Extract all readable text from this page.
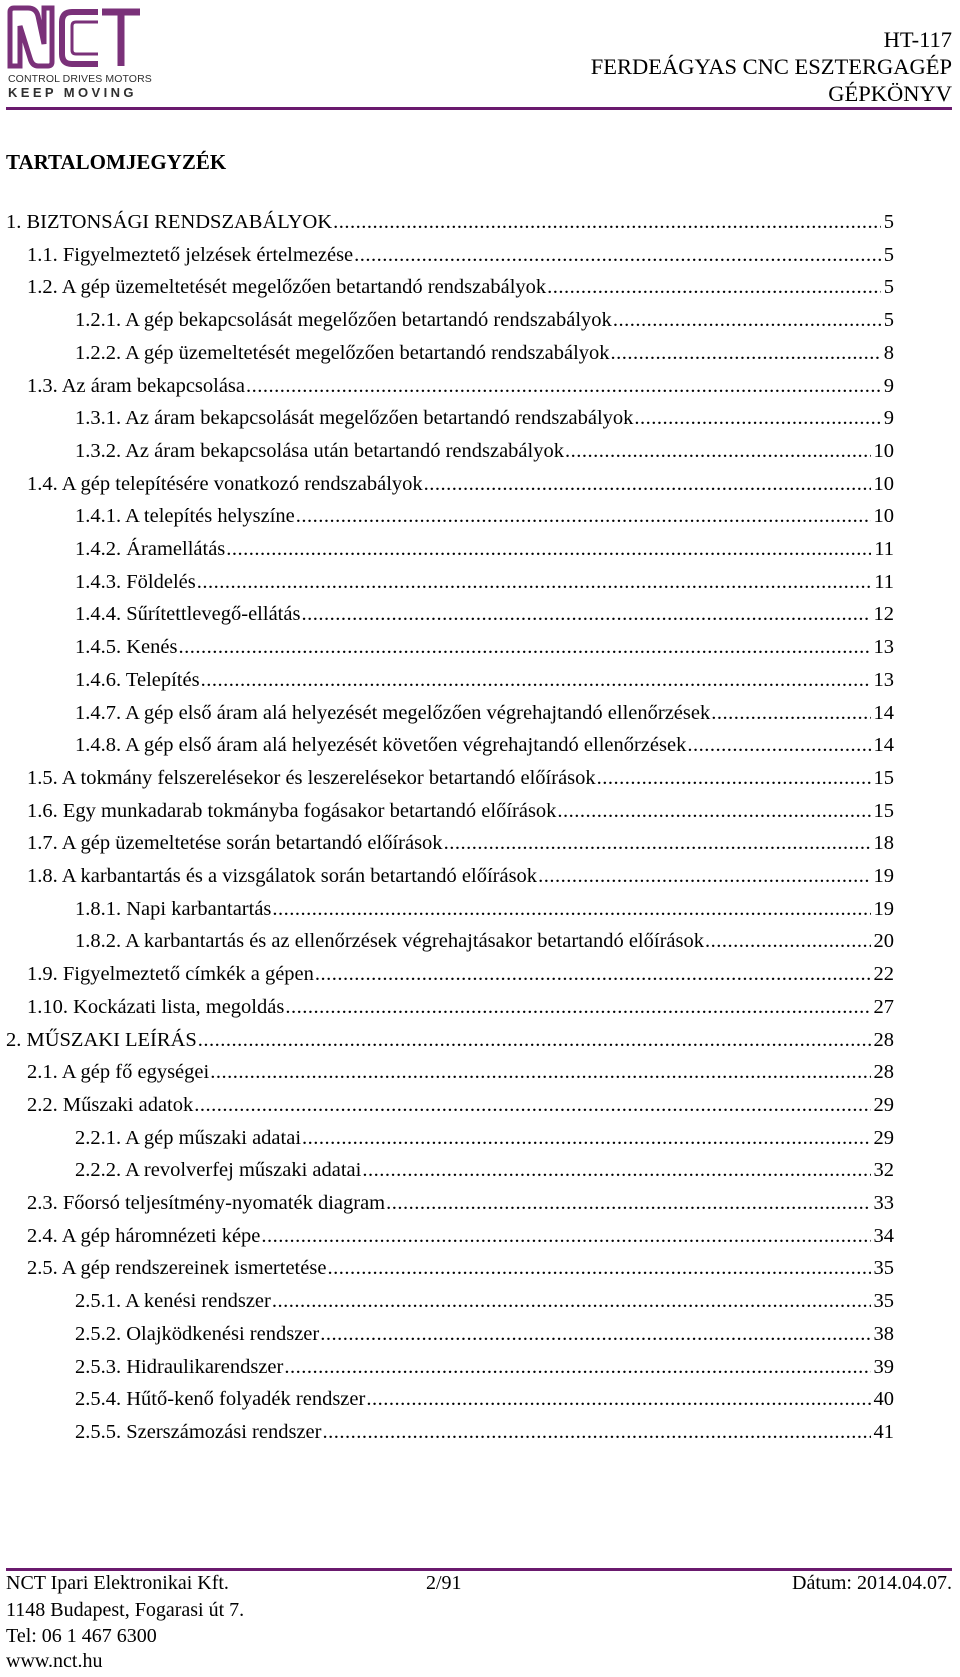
CONTROL DRIVES MOTORS
KEEP MOVING
HT-117
FERDEÁGYAS CNC ESZTERGAGÉP
GÉPKÖNYV
TARTALOMJEGYZÉK
1. BIZTONSÁGI RENDSZABÁLYOK .....	5
1.1. Figyelmeztető jelzések értelmezése .....	5
1.2. A gép üzemeltetését megelőzően betartandó rendszabályok .....	5
1.2.1. A gép bekapcsolását megelőzően betartandó rendszabályok .....	5
1.2.2. A gép üzemeltetését megelőzően betartandó rendszabályok .....	8
1.3. Az áram bekapcsolása .....	9
1.3.1. Az áram bekapcsolását megelőzően betartandó rendszabályok .....	9
1.3.2. Az áram bekapcsolása után betartandó rendszabályok .....	10
1.4. A gép telepítésére vonatkozó rendszabályok .....	10
1.4.1. A telepítés helyszíne .....	10
1.4.2. Áramellátás .....	11
1.4.3. Földelés .....	11
1.4.4. Sűrítettlevegő-ellátás .....	12
1.4.5. Kenés .....	13
1.4.6. Telepítés .....	13
1.4.7. A gép első áram alá helyezését megelőzően végrehajtandó ellenőrzések .....	14
1.4.8. A gép első áram alá helyezését követően végrehajtandó ellenőrzések .....	14
1.5. A tokmány felszerelésekor és leszerelésekor betartandó előírások .....	15
1.6. Egy munkadarab tokmányba fogásakor betartandó előírások .....	15
1.7. A gép üzemeltetése során betartandó előírások .....	18
1.8. A karbantartás és a vizsgálatok során betartandó előírások .....	19
1.8.1. Napi karbantartás .....	19
1.8.2. A karbantartás és az ellenőrzések végrehajtásakor betartandó előírások .....	20
1.9. Figyelmeztető címkék a gépen .....	22
1.10. Kockázati lista, megoldás .....	27
2. MŰSZAKI LEÍRÁS .....	28
2.1. A gép fő egységei .....	28
2.2. Műszaki adatok .....	29
2.2.1. A gép műszaki adatai .....	29
2.2.2. A revolverfej műszaki adatai .....	32
2.3. Főorsó teljesítmény-nyomaték diagram .....	33
2.4. A gép háromnézeti képe .....	34
2.5. A gép rendszereinek ismertetése .....	35
2.5.1. A kenési rendszer .....	35
2.5.2. Olajködkenési rendszer .....	38
2.5.3. Hidraulikarendszer .....	39
2.5.4. Hűtő-kenő folyadék rendszer .....	40
2.5.5. Szerszámozási rendszer .....	41
NCT Ipari Elektronikai Kft.	2/91	Dátum: 2014.04.07.
1148 Budapest, Fogarasi út 7.
Tel: 06 1 467 6300
www.nct.hu
